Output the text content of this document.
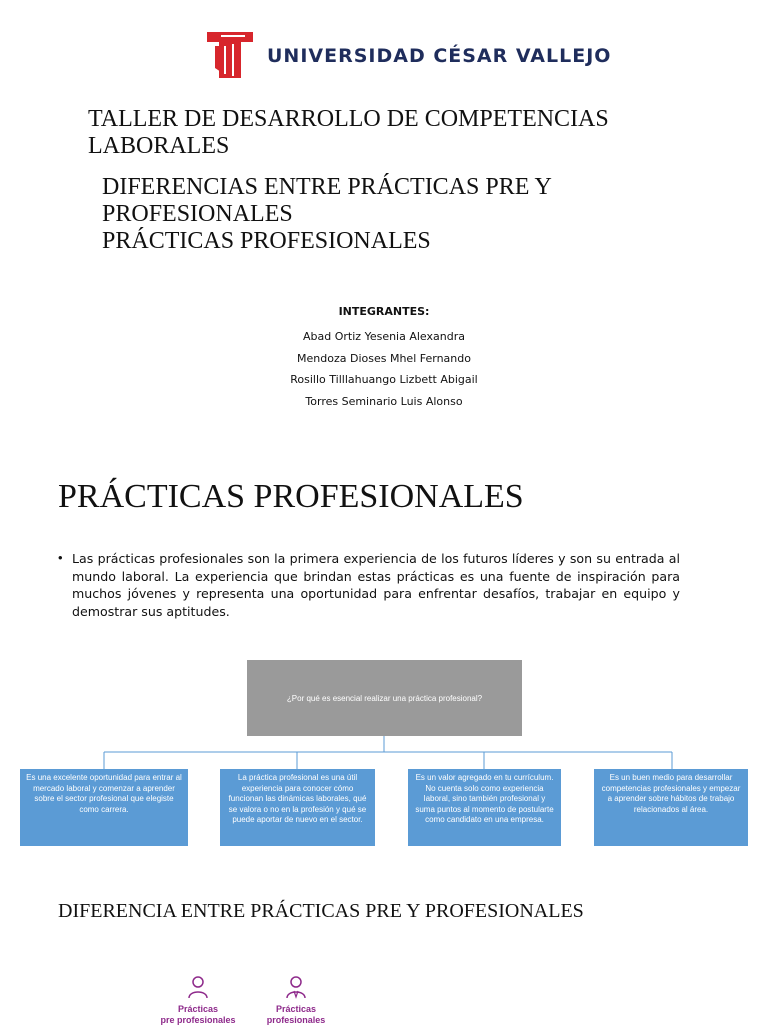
UNIVERSIDAD CÉSAR VALLEJO
TALLER DE DESARROLLO DE COMPETENCIAS LABORALES
DIFERENCIAS ENTRE PRÁCTICAS PRE Y PROFESIONALES
PRÁCTICAS PROFESIONALES
INTEGRANTES:
Abad Ortiz Yesenia Alexandra
Mendoza Dioses Mhel Fernando
Rosillo Tilllahuango Lizbett Abigail
Torres Seminario Luis Alonso
PRÁCTICAS PROFESIONALES
• Las prácticas profesionales son la primera experiencia de los futuros líderes y son su entrada al mundo laboral. La experiencia que brindan estas prácticas es una fuente de inspiración para muchos jóvenes y representa una oportunidad para enfrentar desafíos, trabajar en equipo y demostrar sus aptitudes.
¿Por qué es esencial realizar una práctica profesional?
Es una excelente oportunidad para entrar al mercado laboral y comenzar a aprender sobre el sector profesional que elegiste como carrera.
La práctica profesional es una útil experiencia para conocer cómo funcionan las dinámicas laborales, qué se valora o no en la profesión y qué se puede aportar de nuevo en el sector.
Es un valor agregado en tu currículum. No cuenta solo como experiencia laboral, sino también profesional y suma puntos al momento de postularte como candidato en una empresa.
Es un buen medio para desarrollar competencias profesionales y empezar a aprender sobre hábitos de trabajo relacionados al área.
DIFERENCIA ENTRE PRÁCTICAS PRE Y PROFESIONALES
Prácticas
pre profesionales
Prácticas
profesionales
